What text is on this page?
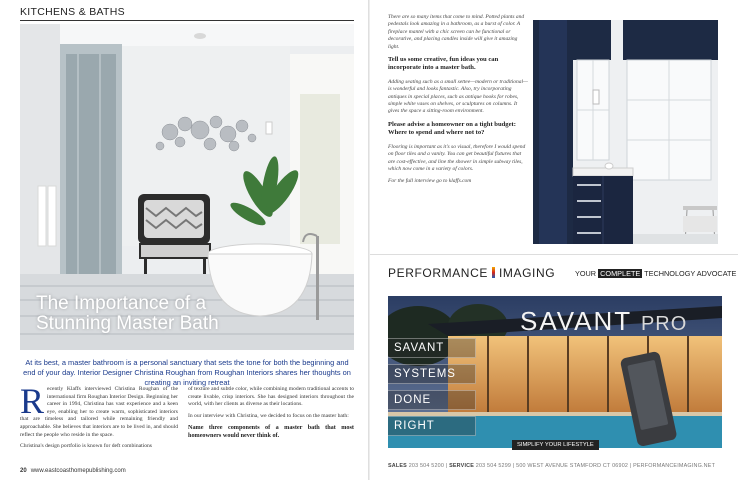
KITCHENS & BATHS
The Importance of a
Stunning Master Bath
At its best, a master bathroom is a personal sanctuary that sets the tone for both the beginning and end of your day. Interior Designer Christina Roughan from Roughan Interiors shares her thoughts on creating an inviting retreat

Recently Klaffs interviewed Christina Roughan of the international firm Roughan Interior Design. Beginning her career in 1994, Christina has vast experience and a keen eye, enabling her to create warm, sophisticated interiors that are timeless and tailored while remaining friendly and approachable. She believes that interiors are to be lived in, and should reflect the people who reside in the space.

Christina's design portfolio is known for deft combinations

of texture and subtle color, while combining modern traditional accents to create livable, crisp interiors. She has designed interiors throughout the world, with her clients as diverse as their locations.

In our interview with Christina, we decided to focus on the master bath:

Name three components of a master bath that most homeowners would never think of.

20 www.eastcoasthomepublishing.com

There are so many items that come to mind. Potted plants and pedestals look amazing in a bathroom, as a burst of color. A fireplace mantel with a chic screen can be functional or decorative, and placing candles inside will give it amazing light.

Tell us some creative, fun ideas you can incorporate into a master bath.

Adding seating such as a small settee—modern or traditional—is wonderful and looks fantastic. Also, try incorporating antiques in special places, such as antique hooks for robes, simple white vases on shelves, or sculptures on columns. It gives the space a sitting-room environment.

Please advise a homeowner on a tight budget: Where to spend and where not to?

Flooring is important as it's so visual, therefore I would spend on floor tiles and a vanity. You can get beautiful fixtures that are cost-effective, and line the shower in simple subway tiles, which now come in a variety of colors.

For the full interview go to klaffs.com

PERFORMANCE IMAGING	YOUR COMPLETE TECHNOLOGY ADVOCATE
SAVANT PRO
SAVANT
SYSTEMS
DONE
RIGHT
SIMPLIFY YOUR LIFESTYLE
SALES 203 504 5200 | SERVICE 203 504 5299 | 500 WEST AVENUE STAMFORD CT 06902 | PERFORMANCEIMAGING.NET
